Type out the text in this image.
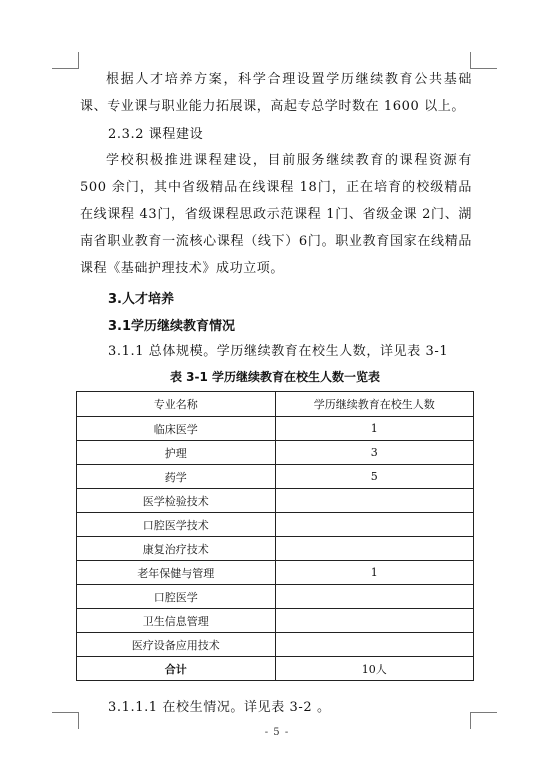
根据人才培养方案，科学合理设置学历继续教育公共基础课、专业课与职业能力拓展课，高起专总学时数在 1600 以上。

2.3.2 课程建设

学校积极推进课程建设，目前服务继续教育的课程资源有 500 余门，其中省级精品在线课程 18门，正在培育的校级精品在线课程 43门，省级课程思政示范课程 1门、省级金课 2门、湖南省职业教育一流核心课程（线下）6门。职业教育国家在线精品课程《基础护理技术》成功立项。

3.人才培养

3.1学历继续教育情况

3.1.1 总体规模。学历继续教育在校生人数，详见表 3-1

表 3-1 学历继续教育在校生人数一览表
专业名称	学历继续教育在校生人数
临床医学	1
护理	3
药学	5
医学检验技术	
口腔医学技术	
康复治疗技术	
老年保健与管理	1
口腔医学	
卫生信息管理	
医疗设备应用技术	
合计	10人

3.1.1.1 在校生情况。详见表 3-2 。

- 5 -
